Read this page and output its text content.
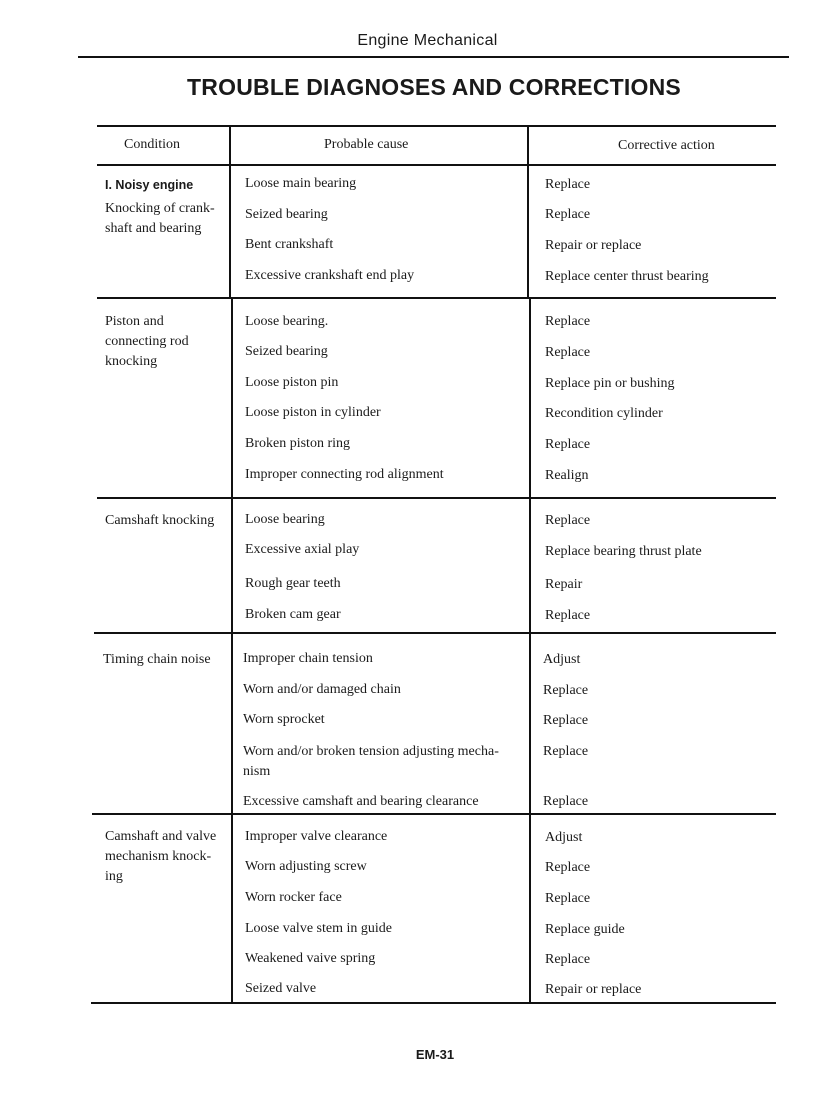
Engine Mechanical
TROUBLE DIAGNOSES AND CORRECTIONS
Condition	Probable cause	Corrective action
I. Noisy engine
Knocking of crank-
shaft and bearing
Loose main bearing	Replace
Seized bearing	Replace
Bent crankshaft	Repair or replace
Excessive crankshaft end play	Replace center thrust bearing
Piston and
connecting rod
knocking
Loose bearing.	Replace
Seized bearing	Replace
Loose piston pin	Replace pin or bushing
Loose piston in cylinder	Recondition cylinder
Broken piston ring	Replace
Improper connecting rod alignment	Realign
Camshaft knocking	Loose bearing	Replace
Excessive axial play	Replace bearing thrust plate
Rough gear teeth	Repair
Broken cam gear	Replace
Timing chain noise	Improper chain tension	Adjust
Worn and/or damaged chain	Replace
Worn sprocket	Replace
Worn and/or broken tension adjusting mecha-
nism
Replace
Excessive camshaft and bearing clearance	Replace
Camshaft and valve
mechanism knock-
ing
Improper valve clearance	Adjust
Worn adjusting screw	Replace
Worn rocker face	Replace
Loose valve stem in guide	Replace guide
Weakened vaive spring	Replace
Seized valve	Repair or replace
EM-31
